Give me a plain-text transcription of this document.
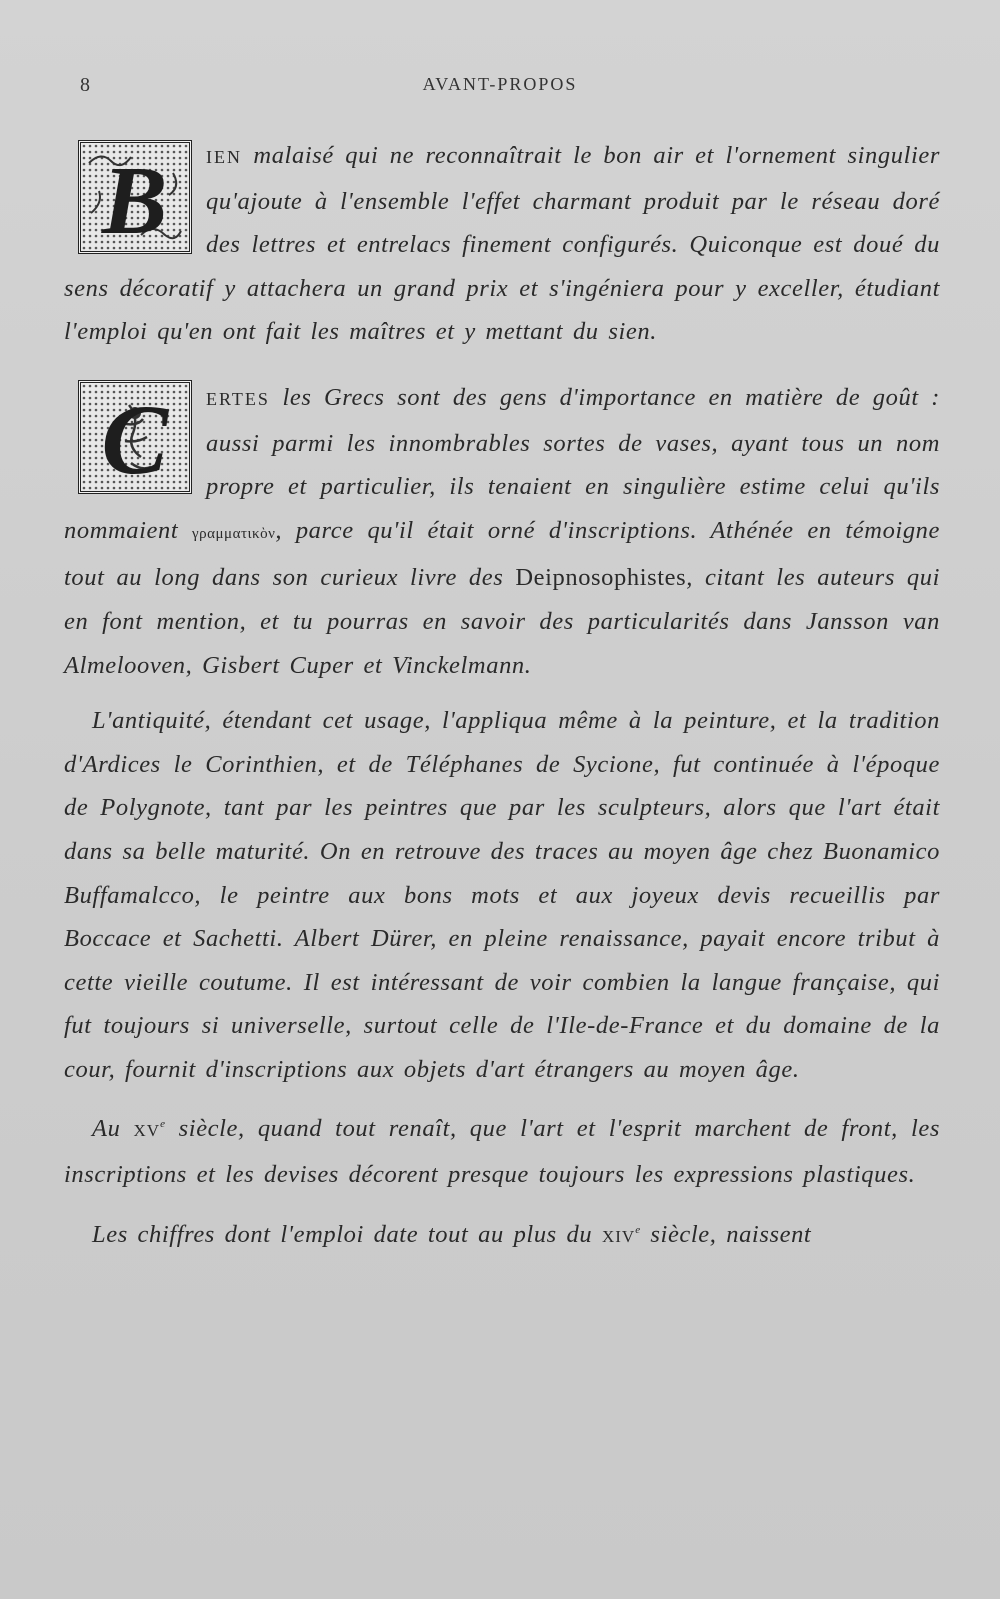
8	AVANT-PROPOS

B IEN malaisé qui ne reconnaîtrait le bon air et l'ornement singulier qu'ajoute à l'ensemble l'effet charmant produit par le réseau doré des lettres et entrelacs finement configurés. Quiconque est doué du sens décoratif y attachera un grand prix et s'ingéniera pour y exceller, étudiant l'emploi qu'en ont fait les maîtres et y mettant du sien.

C ERTES les Grecs sont des gens d'importance en matière de goût : aussi parmi les innombrables sortes de vases, ayant tous un nom propre et particulier, ils tenaient en singulière estime celui qu'ils nommaient γραμματικὸν, parce qu'il était orné d'inscriptions. Athénée en témoigne tout au long dans son curieux livre des Deipnosophistes, citant les auteurs qui en font mention, et tu pourras en savoir des particularités dans Jansson van Almelooven, Gisbert Cuper et Vinckelmann.

L'antiquité, étendant cet usage, l'appliqua même à la peinture, et la tradition d'Ardices le Corinthien, et de Téléphanes de Sycione, fut continuée à l'époque de Polygnote, tant par les peintres que par les sculpteurs, alors que l'art était dans sa belle maturité. On en retrouve des traces au moyen âge chez Buonamico Buffamalcco, le peintre aux bons mots et aux joyeux devis recueillis par Boccace et Sachetti. Albert Dürer, en pleine renaissance, payait encore tribut à cette vieille coutume. Il est intéressant de voir combien la langue française, qui fut toujours si universelle, surtout celle de l'Ile-de-France et du domaine de la cour, fournit d'inscriptions aux objets d'art étrangers au moyen âge.

Au XVe siècle, quand tout renaît, que l'art et l'esprit marchent de front, les inscriptions et les devises décorent presque toujours les expressions plastiques.

Les chiffres dont l'emploi date tout au plus du XIVe siècle, naissent
